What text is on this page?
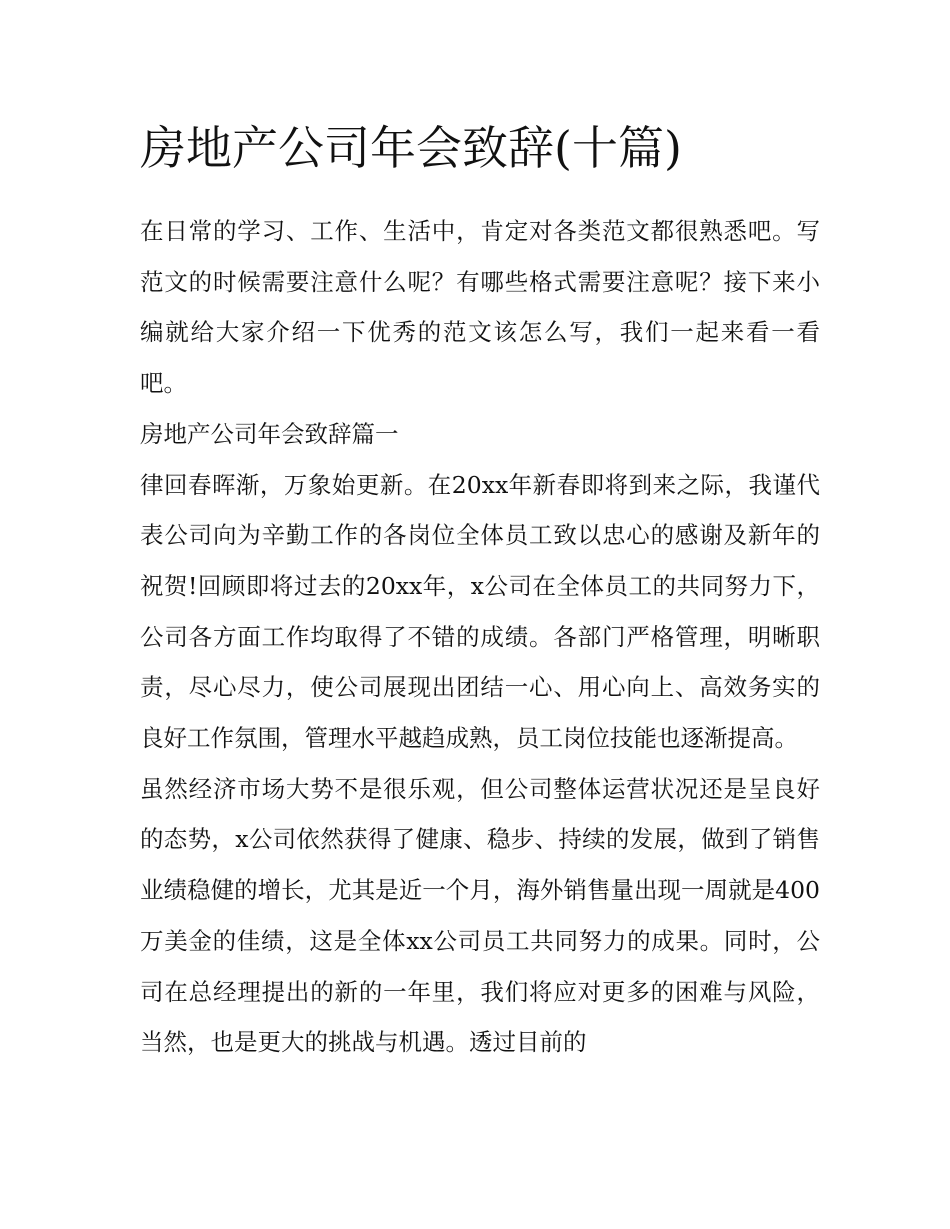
房地产公司年会致辞(十篇)

在日常的学习、工作、生活中，肯定对各类范文都很熟悉吧。写范文的时候需要注意什么呢？有哪些格式需要注意呢？接下来小编就给大家介绍一下优秀的范文该怎么写，我们一起来看一看吧。

房地产公司年会致辞篇一

律回春晖渐，万象始更新。在20xx年新春即将到来之际，我谨代表公司向为辛勤工作的各岗位全体员工致以忠心的感谢及新年的祝贺!回顾即将过去的20xx年，x公司在全体员工的共同努力下，公司各方面工作均取得了不错的成绩。各部门严格管理，明晰职责，尽心尽力，使公司展现出团结一心、用心向上、高效务实的良好工作氛围，管理水平越趋成熟，员工岗位技能也逐渐提高。

虽然经济市场大势不是很乐观，但公司整体运营状况还是呈良好的态势，x公司依然获得了健康、稳步、持续的发展，做到了销售业绩稳健的增长，尤其是近一个月，海外销售量出现一周就是400万美金的佳绩，这是全体xx公司员工共同努力的成果。同时，公司在总经理提出的新的一年里，我们将应对更多的困难与风险，当然，也是更大的挑战与机遇。透过目前的
